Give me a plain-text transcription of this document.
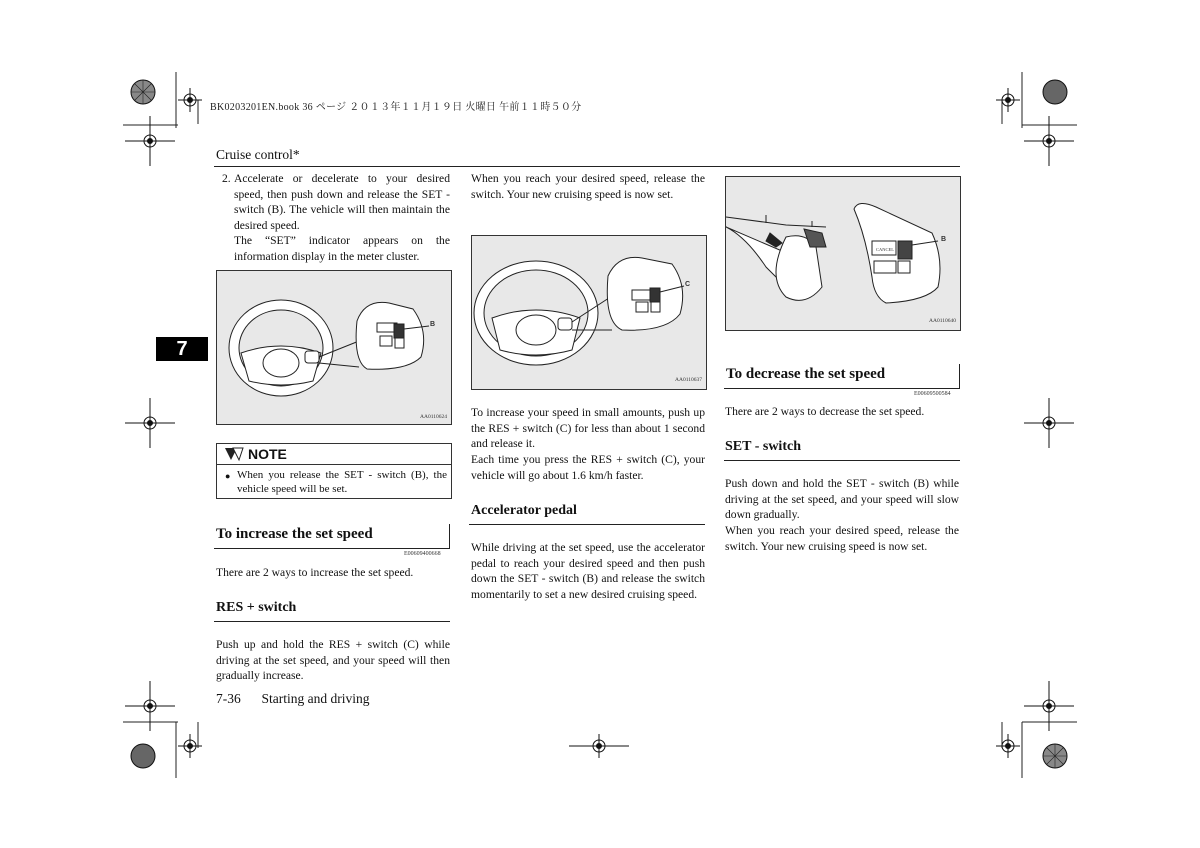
BK0203201EN.book 36 ページ ２０１３年１１月１９日 火曜日 午前１１時５０分
Cruise control*
7
2. Accelerate or decelerate to your desired speed, then push down and release the SET - switch (B). The vehicle will then maintain the desired speed.

The “SET” indicator appears on the information display in the meter cluster.

B
AA0110624
NOTE
● When you release the SET - switch (B), the vehicle speed will be set.
To increase the set speed
E00609400668
There are 2 ways to increase the set speed.
RES + switch
Push up and hold the RES + switch (C) while driving at the set speed, and your speed will then gradually increase.
7-36 Starting and driving
When you reach your desired speed, release the switch. Your new cruising speed is now set.
C
AA0110637
To increase your speed in small amounts, push up the RES + switch (C) for less than about 1 second and release it.
Each time you press the RES + switch (C), your vehicle will go about 1.6 km/h faster.
Accelerator pedal
While driving at the set speed, use the accelerator pedal to reach your desired speed and then push down the SET - switch (B) and release the switch momentarily to set a new desired cruising speed.
CANCEL
B
AA0110640
To decrease the set speed
E00609500584
There are 2 ways to decrease the set speed.
SET - switch
Push down and hold the SET - switch (B) while driving at the set speed, and your speed will slow down gradually.
When you reach your desired speed, release the switch. Your new cruising speed is now set.
